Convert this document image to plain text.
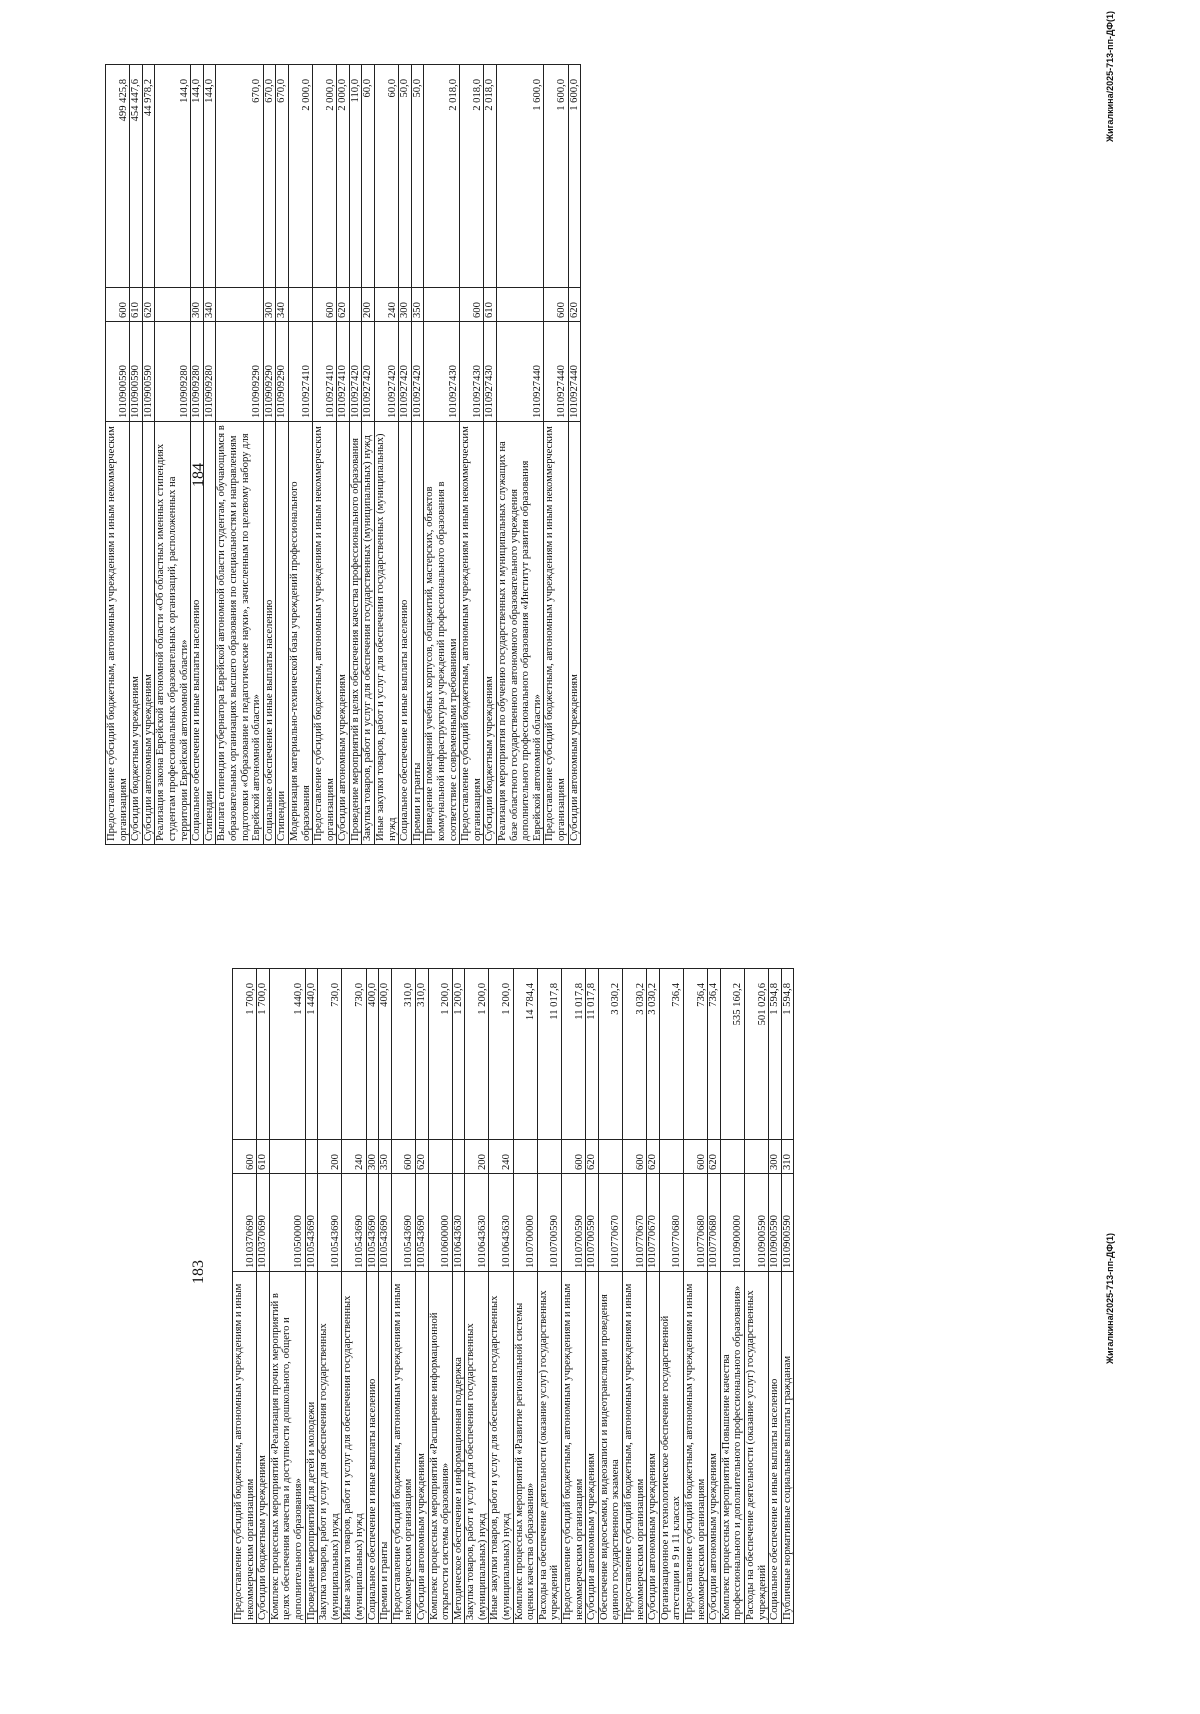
183
Предоставление субсидий бюджетным, автономным учреждениям и иным некоммерческим организациям	1010370690	600	1 700,0
Субсидии бюджетным учреждениям	1010370690	610	1 700,0
Комплекс процессных мероприятий «Реализация прочих мероприятий в целях обеспечения качества и доступности дошкольного, общего и дополнительного образования»	1010500000		1 440,0
Проведение мероприятий для детей и молодежи	1010543690		1 440,0
Закупка товаров, работ и услуг для обеспечения государственных (муниципальных) нужд	1010543690	200	730,0
Иные закупки товаров, работ и услуг для обеспечения государственных (муниципальных) нужд	1010543690	240	730,0
Социальное обеспечение и иные выплаты населению	1010543690	300	400,0
Премии и гранты	1010543690	350	400,0
Предоставление субсидий бюджетным, автономным учреждениям и иным некоммерческим организациям	1010543690	600	310,0
Субсидии автономным учреждениям	1010543690	620	310,0
Комплекс процессных мероприятий «Расширение информационной открытости системы образования»	1010600000		1 200,0
Методическое обеспечение и информационная поддержка	1010643630		1 200,0
Закупка товаров, работ и услуг для обеспечения государственных (муниципальных) нужд	1010643630	200	1 200,0
Иные закупки товаров, работ и услуг для обеспечения государственных (муниципальных) нужд	1010643630	240	1 200,0
Комплекс процессных мероприятий «Развитие региональной системы оценки качества образования»	1010700000		14 784,4
Расходы на обеспечение деятельности (оказание услуг) государственных учреждений	1010700590		11 017,8
Предоставление субсидий бюджетным, автономным учреждениям и иным некоммерческим организациям	1010700590	600	11 017,8
Субсидии автономным учреждениям	1010700590	620	11 017,8
Обеспечение видеосъемки, видеозаписи и видеотрансляции проведения единого государственного экзамена	1010770670		3 030,2
Предоставление субсидий бюджетным, автономным учреждениям и иным некоммерческим организациям	1010770670	600	3 030,2
Субсидии автономным учреждениям	1010770670	620	3 030,2
Организационное и технологическое обеспечение государственной аттестации в 9 и 11 классах	1010770680		736,4
Предоставление субсидий бюджетным, автономным учреждениям и иным некоммерческим организациям	1010770680	600	736,4
Субсидии автономным учреждениям	1010770680	620	736,4
Комплекс процессных мероприятий «Повышение качества профессионального и дополнительного профессионального образования»	1010900000		535 160,2
Расходы на обеспечение деятельности (оказание услуг) государственных учреждений	1010900590		501 020,6
Социальное обеспечение и иные выплаты населению	1010900590	300	1 594,8
Публичные нормативные социальные выплаты гражданам	1010900590	310	1 594,8
Жигалкина/2025-713-пп-ДФ(1)
184
Предоставление субсидий бюджетным, автономным учреждениям и иным некоммерческим организациям	1010900590	600	499 425,8
Субсидии бюджетным учреждениям	1010900590	610	454 447,6
Субсидии автономным учреждениям	1010900590	620	44 978,2
Реализация закона Еврейской автономной области «Об областных именных стипендиях студентам профессиональных образовательных организаций, расположенных на территории Еврейской автономной области»	1010909280		144,0
Социальное обеспечение и иные выплаты населению	1010909280	300	144,0
Стипендии	1010909280	340	144,0
Выплата стипендии губернатора Еврейской автономной области студентам, обучающимся в образовательных организациях высшего образования по специальностям и направлениям подготовки «Образование и педагогические науки», зачисленным по целевому набору для Еврейской автономной области»	1010909290		670,0
Социальное обеспечение и иные выплаты населению	1010909290	300	670,0
Стипендии	1010909290	340	670,0
Модернизация материально-технической базы учреждений профессионального образования	1010927410		2 000,0
Предоставление субсидий бюджетным, автономным учреждениям и иным некоммерческим организациям	1010927410	600	2 000,0
Субсидии автономным учреждениям	1010927410	620	2 000,0
Проведение мероприятий в целях обеспечения качества профессионального образования	1010927420		110,0
Закупка товаров, работ и услуг для обеспечения государственных (муниципальных) нужд	1010927420	200	60,0
Иные закупки товаров, работ и услуг для обеспечения государственных (муниципальных) нужд	1010927420	240	60,0
Социальное обеспечение и иные выплаты населению	1010927420	300	50,0
Премии и гранты	1010927420	350	50,0
Приведение помещений учебных корпусов, общежитий, мастерских, объектов коммунальной инфраструктуры учреждений профессионального образования в соответствие с современными требованиями	1010927430		2 018,0
Предоставление субсидий бюджетным, автономным учреждениям и иным некоммерческим организациям	1010927430	600	2 018,0
Субсидии бюджетным учреждениям	1010927430	610	2 018,0
Реализация мероприятия по обучению государственных и муниципальных служащих на базе областного государственного автономного образовательного учреждения дополнительного профессионального образования «Институт развития образования Еврейской автономной области»	1010927440		1 600,0
Предоставление субсидий бюджетным, автономным учреждениям и иным некоммерческим организациям	1010927440	600	1 600,0
Субсидии автономным учреждениям	1010927440	620	1 600,0	Жигалкина/2025-713-пп-ДФ(1)
